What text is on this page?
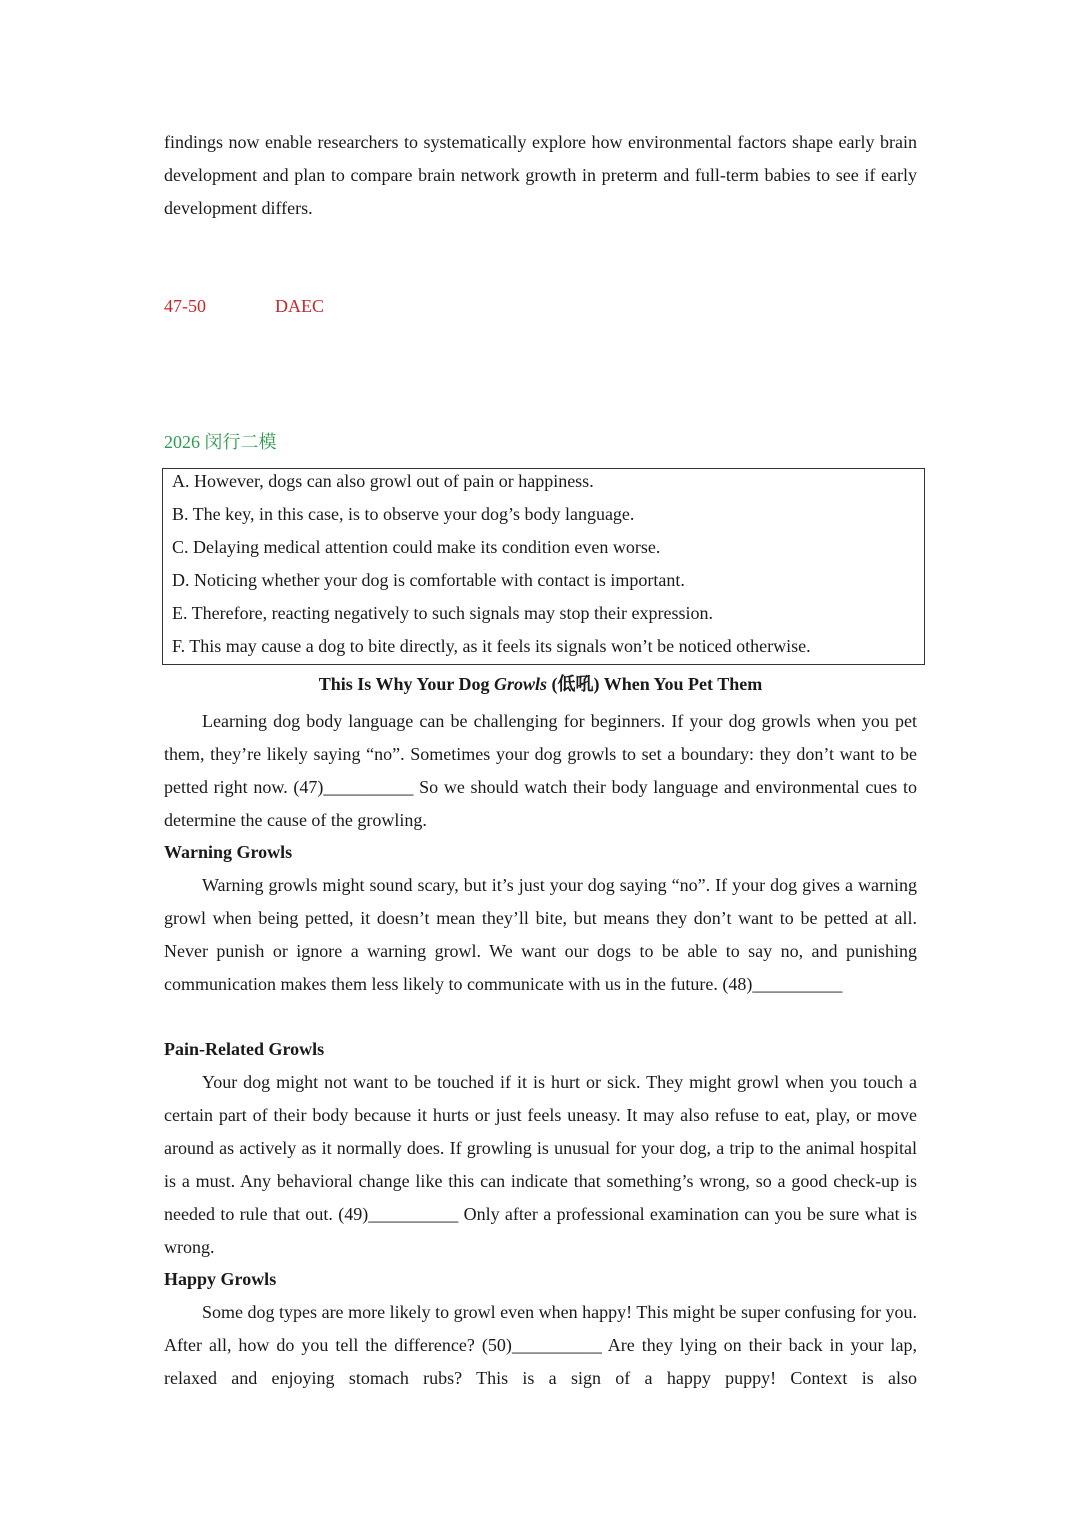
findings now enable researchers to systematically explore how environmental factors shape early brain development and plan to compare brain network growth in preterm and full-term babies to see if early development differs.

47-50	DAEC
2026 闵行二模
A. However, dogs can also growl out of pain or happiness.
B. The key, in this case, is to observe your dog’s body language.
C. Delaying medical attention could make its condition even worse.
D. Noticing whether your dog is comfortable with contact is important.
E. Therefore, reacting negatively to such signals may stop their expression.
F. This may cause a dog to bite directly, as it feels its signals won’t be noticed otherwise.
This Is Why Your Dog Growls (低吼) When You Pet Them

Learning dog body language can be challenging for beginners. If your dog growls when you pet them, they’re likely saying “no”. Sometimes your dog growls to set a boundary: they don’t want to be petted right now. (47)__________ So we should watch their body language and environmental cues to determine the cause of the growling.

Warning Growls

Warning growls might sound scary, but it’s just your dog saying “no”. If your dog gives a warning growl when being petted, it doesn’t mean they’ll bite, but means they don’t want to be petted at all. Never punish or ignore a warning growl. We want our dogs to be able to say no, and punishing communication makes them less likely to communicate with us in the future. (48)__________

Pain-Related Growls

Your dog might not want to be touched if it is hurt or sick. They might growl when you touch a certain part of their body because it hurts or just feels uneasy. It may also refuse to eat, play, or move around as actively as it normally does. If growling is unusual for your dog, a trip to the animal hospital is a must. Any behavioral change like this can indicate that something’s wrong, so a good check-up is needed to rule that out. (49)__________ Only after a professional examination can you be sure what is wrong.

Happy Growls

Some dog types are more likely to growl even when happy! This might be super confusing for you. After all, how do you tell the difference? (50)__________ Are they lying on their back in your lap, relaxed and enjoying stomach rubs? This is a sign of a happy puppy! Context is also
